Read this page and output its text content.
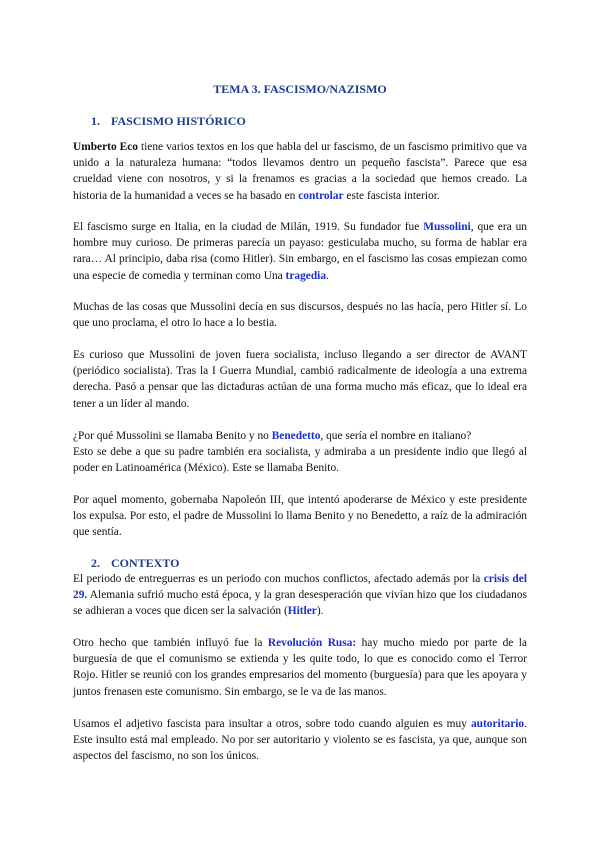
TEMA 3. FASCISMO/NAZISMO
1. FASCISMO HISTÓRICO

Umberto Eco tiene varios textos en los que habla del ur fascismo, de un fascismo primitivo que va unido a la naturaleza humana: “todos llevamos dentro un pequeño fascista”. Parece que esa crueldad viene con nosotros, y si la frenamos es gracias a la sociedad que hemos creado. La historia de la humanidad a veces se ha basado en controlar este fascista interior.

El fascismo surge en Italia, en la ciudad de Milán, 1919. Su fundador fue Mussolini, que era un hombre muy curioso. De primeras parecía un payaso: gesticulaba mucho, su forma de hablar era rara… Al principio, daba risa (como Hitler). Sin embargo, en el fascismo las cosas empiezan como una especie de comedia y terminan como Una tragedia.

Muchas de las cosas que Mussolini decía en sus discursos, después no las hacía, pero Hitler sí. Lo que uno proclama, el otro lo hace a lo bestia.

Es curioso que Mussolini de joven fuera socialista, incluso llegando a ser director de AVANT (periódico socialista). Tras la I Guerra Mundial, cambió radicalmente de ideología a una extrema derecha. Pasó a pensar que las dictaduras actúan de una forma mucho más eficaz, que lo ideal era tener a un líder al mando.

¿Por qué Mussolini se llamaba Benito y no Benedetto, que sería el nombre en italiano?
Esto se debe a que su padre también era socialista, y admiraba a un presidente indio que llegó al poder en Latinoamérica (México). Este se llamaba Benito.

Por aquel momento, gobernaba Napoleón III, que intentó apoderarse de México y este presidente los expulsa. Por esto, el padre de Mussolini lo llama Benito y no Benedetto, a raíz de la admiración que sentía.

2. CONTEXTO

El periodo de entreguerras es un periodo con muchos conflictos, afectado además por la crisis del 29. Alemania sufrió mucho está época, y la gran desesperación que vivían hizo que los ciudadanos se adhieran a voces que dicen ser la salvación (Hitler).

Otro hecho que también influyó fue la Revolución Rusa: hay mucho miedo por parte de la burguesía de que el comunismo se extienda y les quite todo, lo que es conocido como el Terror Rojo. Hitler se reunió con los grandes empresarios del momento (burguesía) para que les apoyara y juntos frenasen este comunismo. Sin embargo, se le va de las manos.

Usamos el adjetivo fascista para insultar a otros, sobre todo cuando alguien es muy autoritario. Este insulto está mal empleado. No por ser autoritario y violento se es fascista, ya que, aunque son aspectos del fascismo, no son los únicos.
